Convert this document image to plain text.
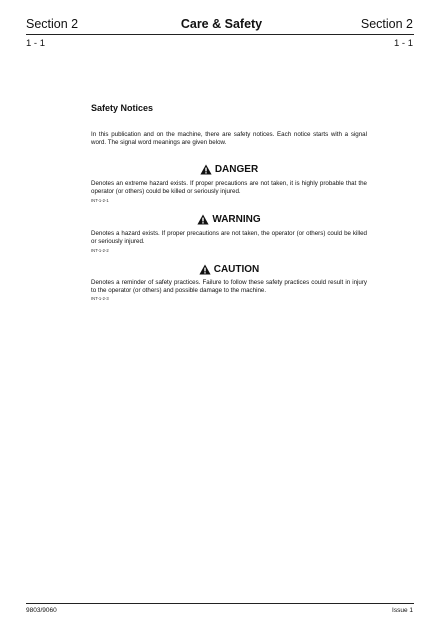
Section 2	Care & Safety	Section 2
1 - 1	1 - 1
Safety Notices
In this publication and on the machine, there are safety notices. Each notice starts with a signal word. The signal word meanings are given below.
DANGER
Denotes an extreme hazard exists. If proper precautions are not taken, it is highly probable that the operator (or others) could be killed or seriously injured.
INT-1-2-1
WARNING
Denotes a hazard exists. If proper precautions are not taken, the operator (or others) could be killed or seriously injured.
INT-1-2-2
CAUTION
Denotes a reminder of safety practices. Failure to follow these safety practices could result in injury to the operator (or others) and possible damage to the machine.
INT-1-2-3
9803/9060	Issue 1
